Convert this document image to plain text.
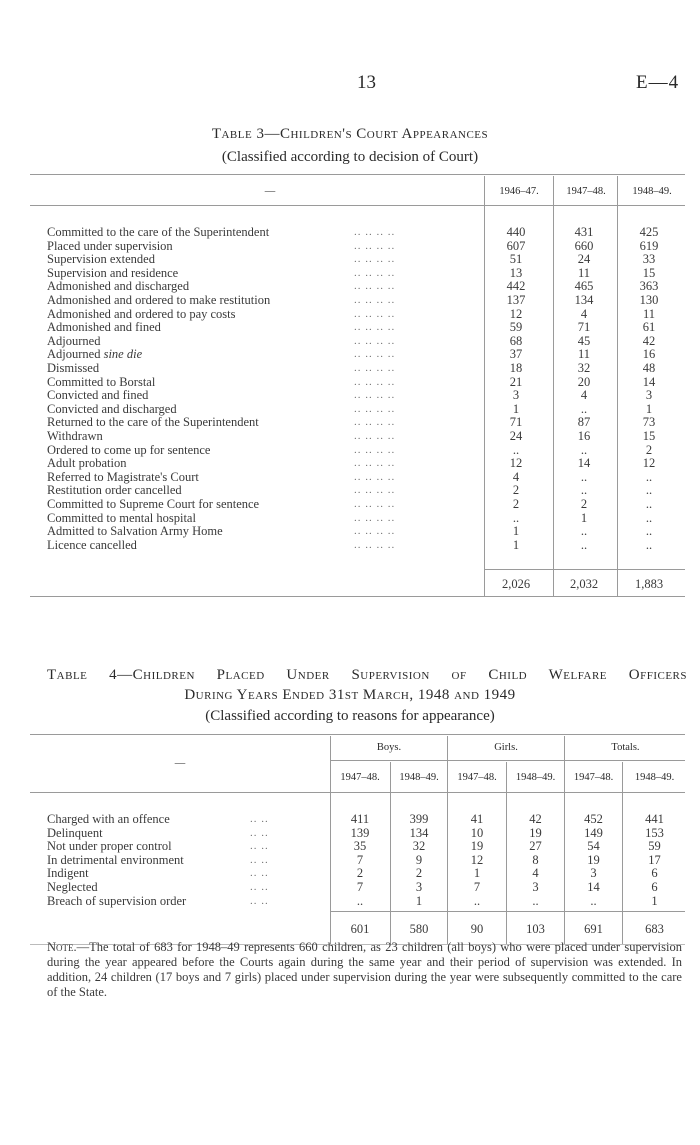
13	E—4
Table 3—Children's Court Appearances
(Classified according to decision of Court)
—	1946–47.	1947–48.	1948–49.
Committed to the care of the Superintendent	.. .. .. ..	440	431	425
Placed under supervision	.. .. .. ..	607	660	619
Supervision extended	.. .. .. ..	51	24	33
Supervision and residence	.. .. .. ..	13	11	15
Admonished and discharged	.. .. .. ..	442	465	363
Admonished and ordered to make restitution	.. .. .. ..	137	134	130
Admonished and ordered to pay costs	.. .. .. ..	12	4	11
Admonished and fined	.. .. .. ..	59	71	61
Adjourned	.. .. .. ..	68	45	42
Adjourned sine die	.. .. .. ..	37	11	16
Dismissed	.. .. .. ..	18	32	48
Committed to Borstal	.. .. .. ..	21	20	14
Convicted and fined	.. .. .. ..	3	4	3
Convicted and discharged	.. .. .. ..	1	..	1
Returned to the care of the Superintendent	.. .. .. ..	71	87	73
Withdrawn	.. .. .. ..	24	16	15
Ordered to come up for sentence	.. .. .. ..	..	..	2
Adult probation	.. .. .. ..	12	14	12
Referred to Magistrate's Court	.. .. .. ..	4	..	..
Restitution order cancelled	.. .. .. ..	2	..	..
Committed to Supreme Court for sentence	.. .. .. ..	2	2	..
Committed to mental hospital	.. .. .. ..	..	1	..
Admitted to Salvation Army Home	.. .. .. ..	1	..	..
Licence cancelled	.. .. .. ..	1	..	..
2,026	2,032	1,883
Table 4—Children Placed Under Supervision of Child Welfare Officers
During Years Ended 31st March, 1948 and 1949
(Classified according to reasons for appearance)
—
Boys.	Girls.	Totals.
1947–48.	1948–49.	1947–48.	1948–49.	1947–48.	1948–49.
Charged with an offence	.. ..	411	399	41	42	452	441
Delinquent	.. ..	139	134	10	19	149	153
Not under proper control	.. ..	35	32	19	27	54	59
In detrimental environment	.. ..	7	9	12	8	19	17
Indigent	.. ..	2	2	1	4	3	6
Neglected	.. ..	7	3	7	3	14	6
Breach of supervision order	.. ..	..	1	..	..	..	1
601	580	90	103	691	683
Note.—The total of 683 for 1948–49 represents 660 children, as 23 children (all boys) who were placed under supervision during the year appeared before the Courts again during the same year and their period of supervision was extended. In addition, 24 children (17 boys and 7 girls) placed under supervision during the year were subsequently committed to the care of the State.
